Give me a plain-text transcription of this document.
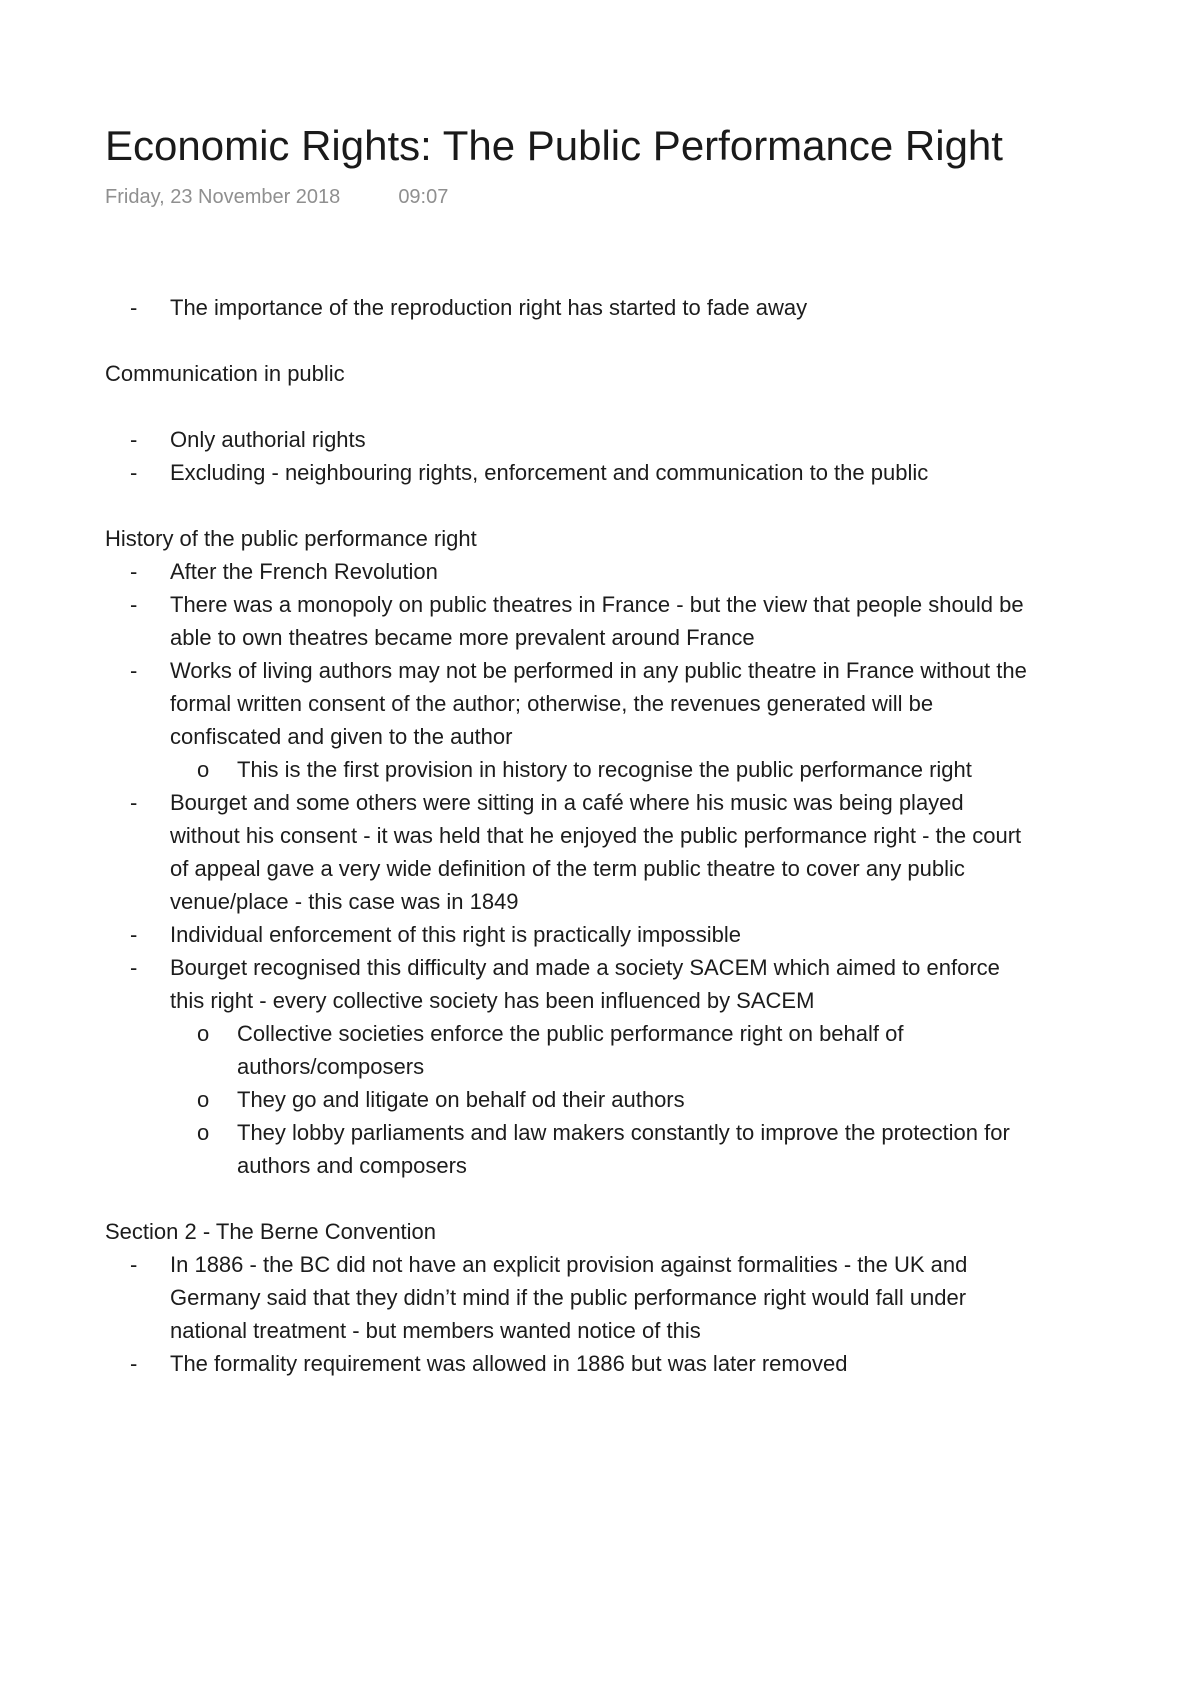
Economic Rights: The Public Performance Right
Friday, 23 November 2018	09:07
-	The importance of the reproduction right has started to fade away
Communication in public
-	Only authorial rights
-	Excluding - neighbouring rights, enforcement and communication to the public
History of the public performance right
-	After the French Revolution
-	There was a monopoly on public theatres in France - but the view that people should be able to own theatres became more prevalent around France
-	Works of living authors may not be performed in any public theatre in France without the formal written consent of the author; otherwise, the revenues generated will be confiscated and given to the author
o	This is the first provision in history to recognise the public performance right
-	Bourget and some others were sitting in a café where his music was being played without his consent - it was held that he enjoyed the public performance right - the court of appeal gave a very wide definition of the term public theatre to cover any public venue/place - this case was in 1849
-	Individual enforcement of this right is practically impossible
-	Bourget recognised this difficulty and made a society SACEM which aimed to enforce this right - every collective society has been influenced by SACEM
o	Collective societies enforce the public performance right on behalf of authors/composers
o	They go and litigate on behalf od their authors
o	They lobby parliaments and law makers constantly to improve the protection for authors and composers
Section 2 - The Berne Convention
-	In 1886 - the BC did not have an explicit provision against formalities - the UK and Germany said that they didn’t mind if the public performance right would fall under national treatment - but members wanted notice of this
-	The formality requirement was allowed in 1886 but was later removed
